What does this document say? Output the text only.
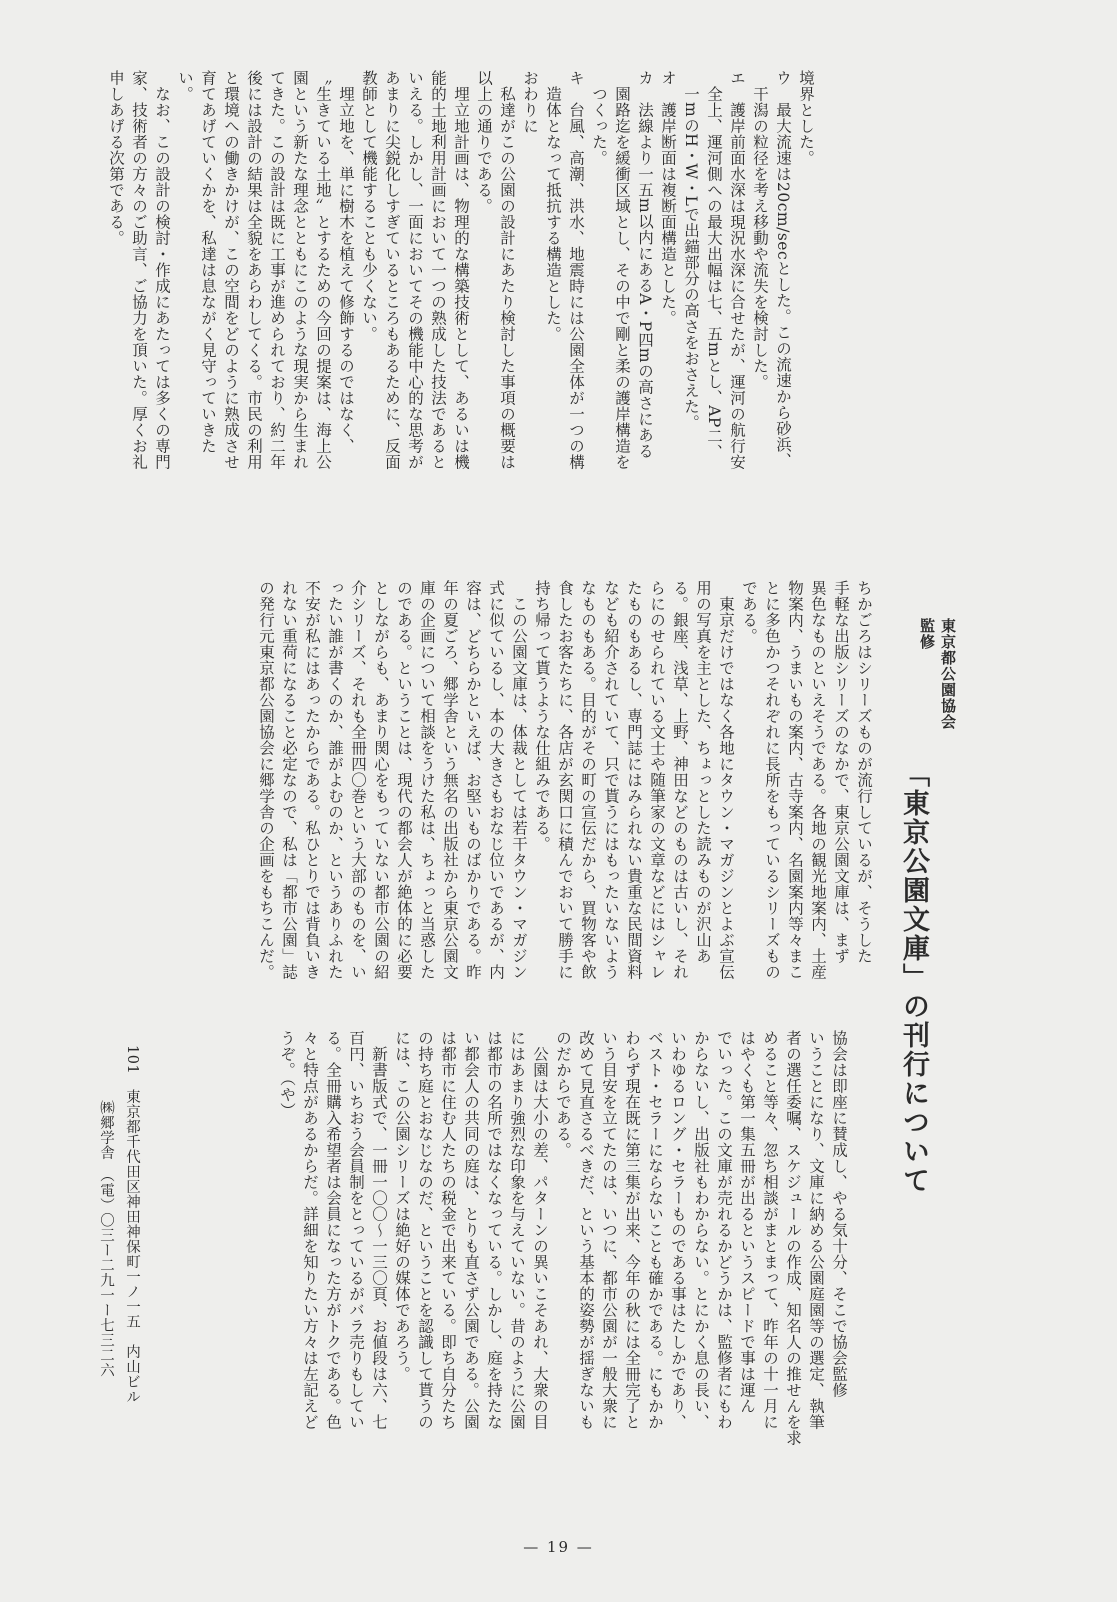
境界とした。
ウ　最大流速は20cm/secとした。この流速から砂浜、
　干潟の粒径を考え移動や流失を検討した。
エ　護岸前面水深は現況水深に合せたが、運河の航行安
　全上、運河側への最大出幅は七、五mとし、AP二、
　一mのH・W・Lで出錨部分の高さをおさえた。
オ　護岸断面は複断面構造とした。
カ　法線より一五m以内にあるA・P四mの高さにある
　園路迄を緩衝区域とし、その中で剛と柔の護岸構造を
　つくった。
キ　台風、高潮、洪水、地震時には公園全体が一つの構
　造体となって抵抗する構造とした。
おわりに
　私達がこの公園の設計にあたり検討した事項の概要は
以上の通りである。
　埋立地計画は、物理的な構築技術として、あるいは機
能的土地利用計画において一つの熟成した技法であると
いえる。しかし、一面においてその機能中心的な思考が
あまりに尖鋭化しすぎているところもあるために、反面
教師として機能することも少くない。
　埋立地を、単に樹木を植えて修飾するのではなく、
〝生きている土地〟とするための今回の提案は、海上公
園という新たな理念とともにこのような現実から生まれ
てきた。この設計は既に工事が進められており、約二年
後には設計の結果は全貌をあらわしてくる。市民の利用
と環境への働きかけが、この空間をどのように熟成させ
育てあげていくかを、私達は息ながく見守っていきた
い。
　なお、この設計の検討・作成にあたっては多くの専門
家、技術者の方々のご助言、ご協力を頂いた。厚くお礼
申しあげる次第である。
東京都公園協会
監修
「東京公園文庫」の刊行について
ちかごろはシリーズものが流行しているが、そうした
手軽な出版シリーズのなかで、東京公園文庫は、まず
異色なものといえそうである。各地の観光地案内、土産
物案内、うまいもの案内、古寺案内、名園案内等々まこ
とに多色かつそれぞれに長所をもっているシリーズもの
である。
　東京だけではなく各地にタウン・マガジンとよぶ宣伝
用の写真を主とした、ちょっとした読みものが沢山あ
る。銀座、浅草、上野、神田などのものは古いし、それ
らにのせられている文士や随筆家の文章などにはシャレ
たものもあるし、専門誌にはみられない貴重な民間資料
なども紹介されていて、只で貰うにはもったいないよう
なものもある。目的がその町の宣伝だから、買物客や飲
食したお客たちに、各店が玄関口に積んでおいて勝手に
持ち帰って貰うような仕組みである。
　この公園文庫は、体裁としては若干タウン・マガジン
式に似ているし、本の大きさもおなじ位いであるが、内
容は、どちらかといえば、お堅いものばかりである。昨
年の夏ごろ、郷学舎という無名の出版社から東京公園文
庫の企画について相談をうけた私は、ちょっと当惑した
のである。ということは、現代の都会人が絶体的に必要
としながらも、あまり関心をもっていない都市公園の紹
介シリーズ、それも全冊四〇巻という大部のものを、い
ったい誰が書くのか、誰がよむのか、というありふれた
不安が私にはあったからである。私ひとりでは背負いき
れない重荷になること必定なので、私は「都市公園」誌
の発行元東京都公園協会に郷学舎の企画をもちこんだ。
協会は即座に賛成し、やる気十分、そこで協会監修
いうことになり、文庫に納める公園庭園等の選定、執筆
者の選任委嘱、スケジュールの作成、知名人の推せんを求
めること等々、忽ち相談がまとまって、昨年の十一月に
はやくも第一集五冊が出るというスピードで事は運ん
でいった。この文庫が売れるかどうかは、監修者にもわ
からないし、出版社もわからない。とにかく息の長い、
いわゆるロング・セラーものである事はたしかであり、
ベスト・セラーにならないことも確かである。にもかか
わらず現在既に第三集が出来、今年の秋には全冊完了と
いう目安を立てたのは、いつに、都市公園が一般大衆に
改めて見直さるべきだ、という基本的姿勢が揺ぎないも
のだからである。
　公園は大小の差、パターンの異いこそあれ、大衆の目
にはあまり強烈な印象を与えていない。昔のように公園
は都市の名所ではなくなっている。しかし、庭を持たな
い都会人の共同の庭は、とりも直さず公園である。公園
は都市に住む人たちの税金で出来ている。即ち自分たち
の持ち庭とおなじなのだ、ということを認識して貰うの
には、この公園シリーズは絶好の媒体であろう。
　新書版式で、一冊一〇〇〜一三〇頁、お値段は六、七
百円、いちおう会員制をとっているがバラ売りもしてい
る。全冊購入希望者は会員になった方がトクである。色
々と特点があるからだ。詳細を知りたい方々は左記えど
うぞ。（や）
101　東京都千代田区神田神保町一ノ一五　内山ビル
㈱郷学舎　（電）〇三ー二九一ー七三二六
— 19 —
